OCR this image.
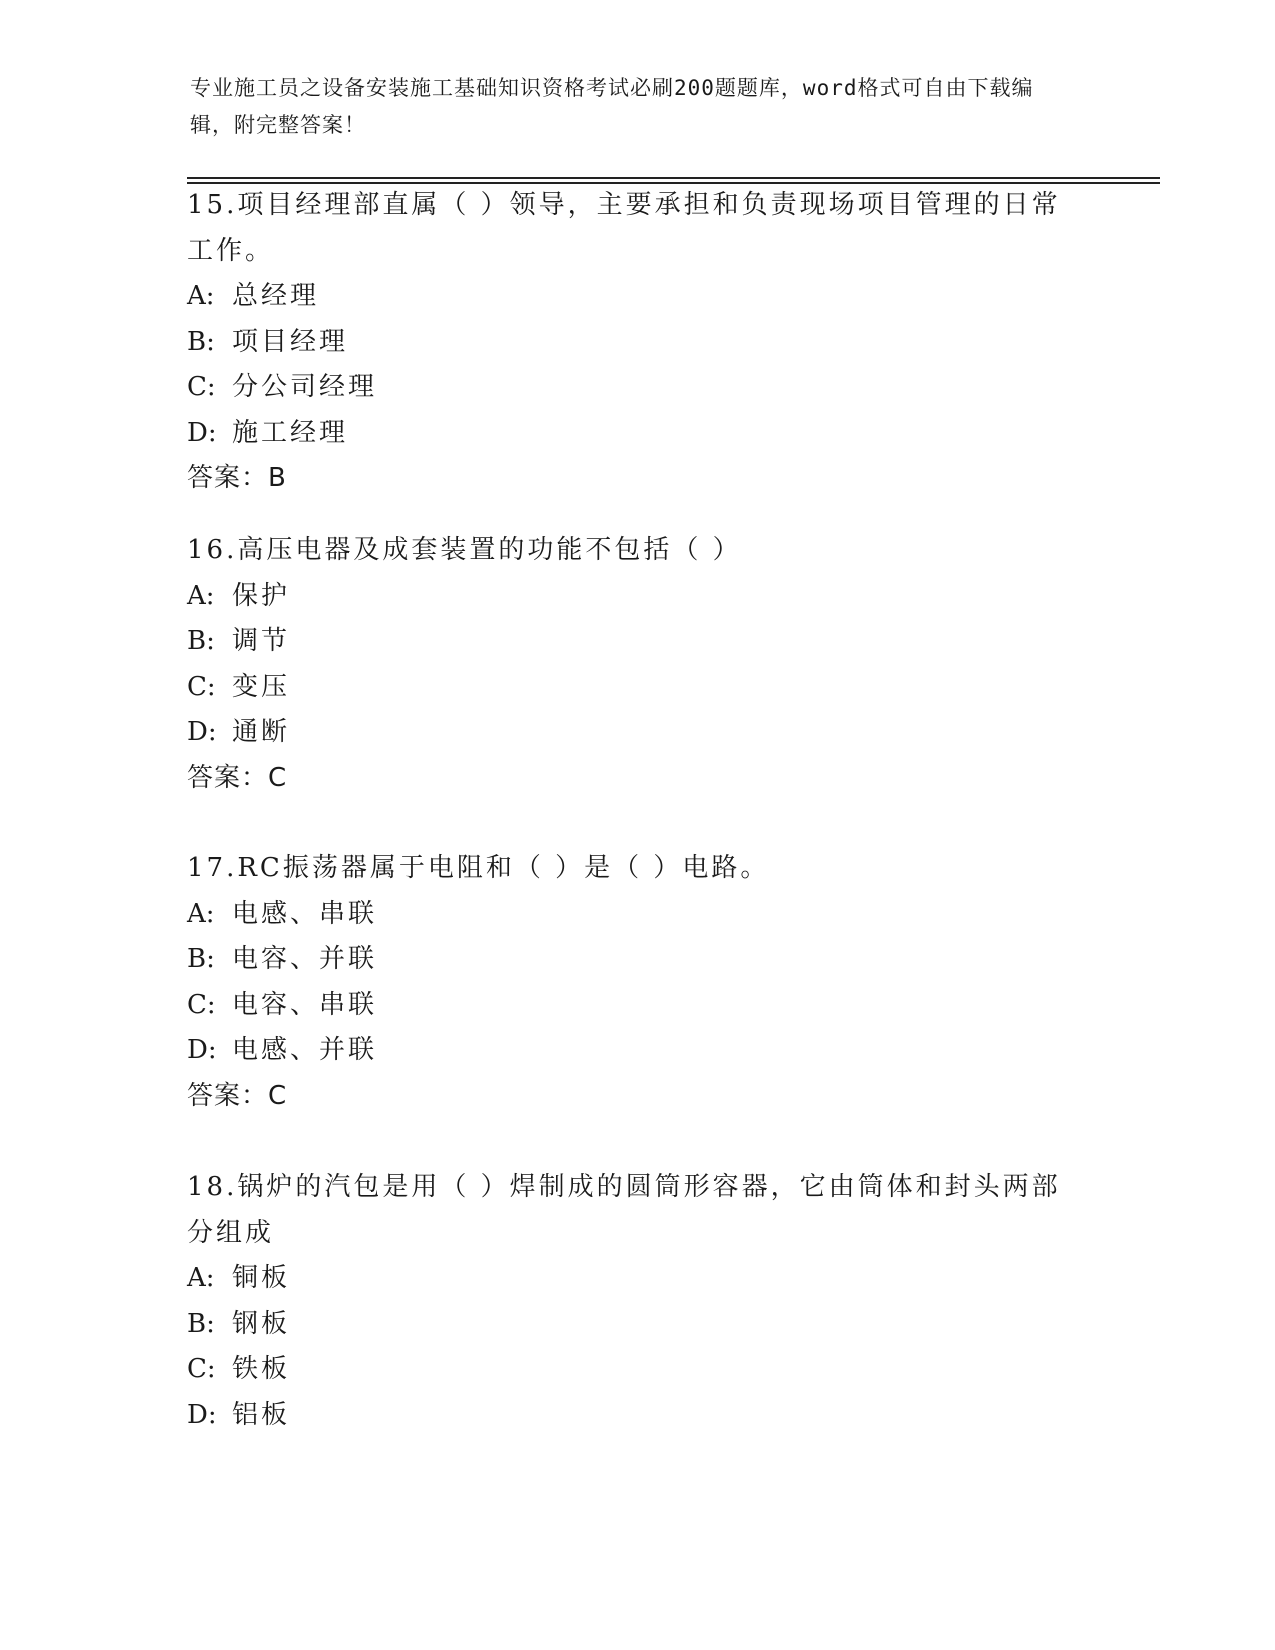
专业施工员之设备安装施工基础知识资格考试必刷200题题库，word格式可自由下载编辑，附完整答案！
15.项目经理部直属（ ）领导，主要承担和负责现场项目管理的日常工作。
A: 总经理
B: 项目经理
C: 分公司经理
D: 施工经理
答案：B
16.高压电器及成套装置的功能不包括（ ）
A: 保护
B: 调节
C: 变压
D: 通断
答案：C
17.RC振荡器属于电阻和（ ）是（ ）电路。
A: 电感、串联
B: 电容、并联
C: 电容、串联
D: 电感、并联
答案：C
18.锅炉的汽包是用（ ）焊制成的圆筒形容器，它由筒体和封头两部分组成
A: 铜板
B: 钢板
C: 铁板
D: 铝板
